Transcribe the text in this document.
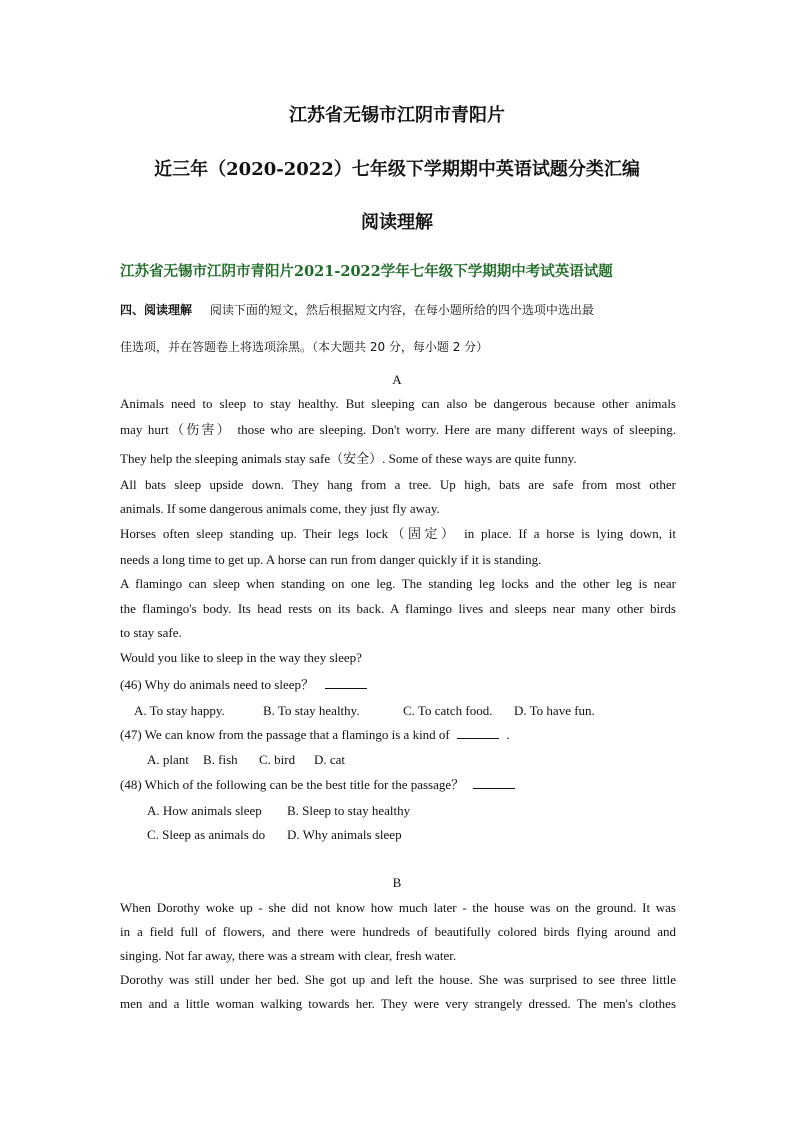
江苏省无锡市江阴市青阳片
近三年（2020-2022）七年级下学期期中英语试题分类汇编
阅读理解
江苏省无锡市江阴市青阳片2021-2022学年七年级下学期期中考试英语试题
四、阅读理解 阅读下面的短文，然后根据短文内容，在每小题所给的四个选项中选出最
佳选项，并在答题卷上将选项涂黑。（本大题共 20 分，每小题 2 分）
A
Animals need to sleep to stay healthy. But sleeping can also be dangerous because other animals
may hurt（伤害） those who are sleeping. Don't worry. Here are many different ways of sleeping.
They help the sleeping animals stay safe（安全）. Some of these ways are quite funny.
All bats sleep upside down. They hang from a tree. Up high, bats are safe from most other
animals. If some dangerous animals come, they just fly away.
Horses often sleep standing up. Their legs lock（固定） in place. If a horse is lying down, it
needs a long time to get up. A horse can run from danger quickly if it is standing.
A flamingo can sleep when standing on one leg. The standing leg locks and the other leg is near
the flamingo's body. Its head rests on its back. A flamingo lives and sleeps near many other birds
to stay safe.
Would you like to sleep in the way they sleep?
(46) Why do animals need to sleep？
A. To stay happy.	B. To stay healthy.	C. To catch food. D. To have fun.
(47) We can know from the passage that a flamingo is a kind of	.
A. plant B. fish C. bird D. cat
(48) Which of the following can be the best title for the passage？
A. How animals sleep B. Sleep to stay healthy
C. Sleep as animals do D. Why animals sleep
B
When Dorothy woke up - she did not know how much later - the house was on the ground. It was
in a field full of flowers, and there were hundreds of beautifully colored birds flying around and
singing. Not far away, there was a stream with clear, fresh water.
Dorothy was still under her bed. She got up and left the house. She was surprised to see three little
men and a little woman walking towards her. They were very strangely dressed. The men's clothes
